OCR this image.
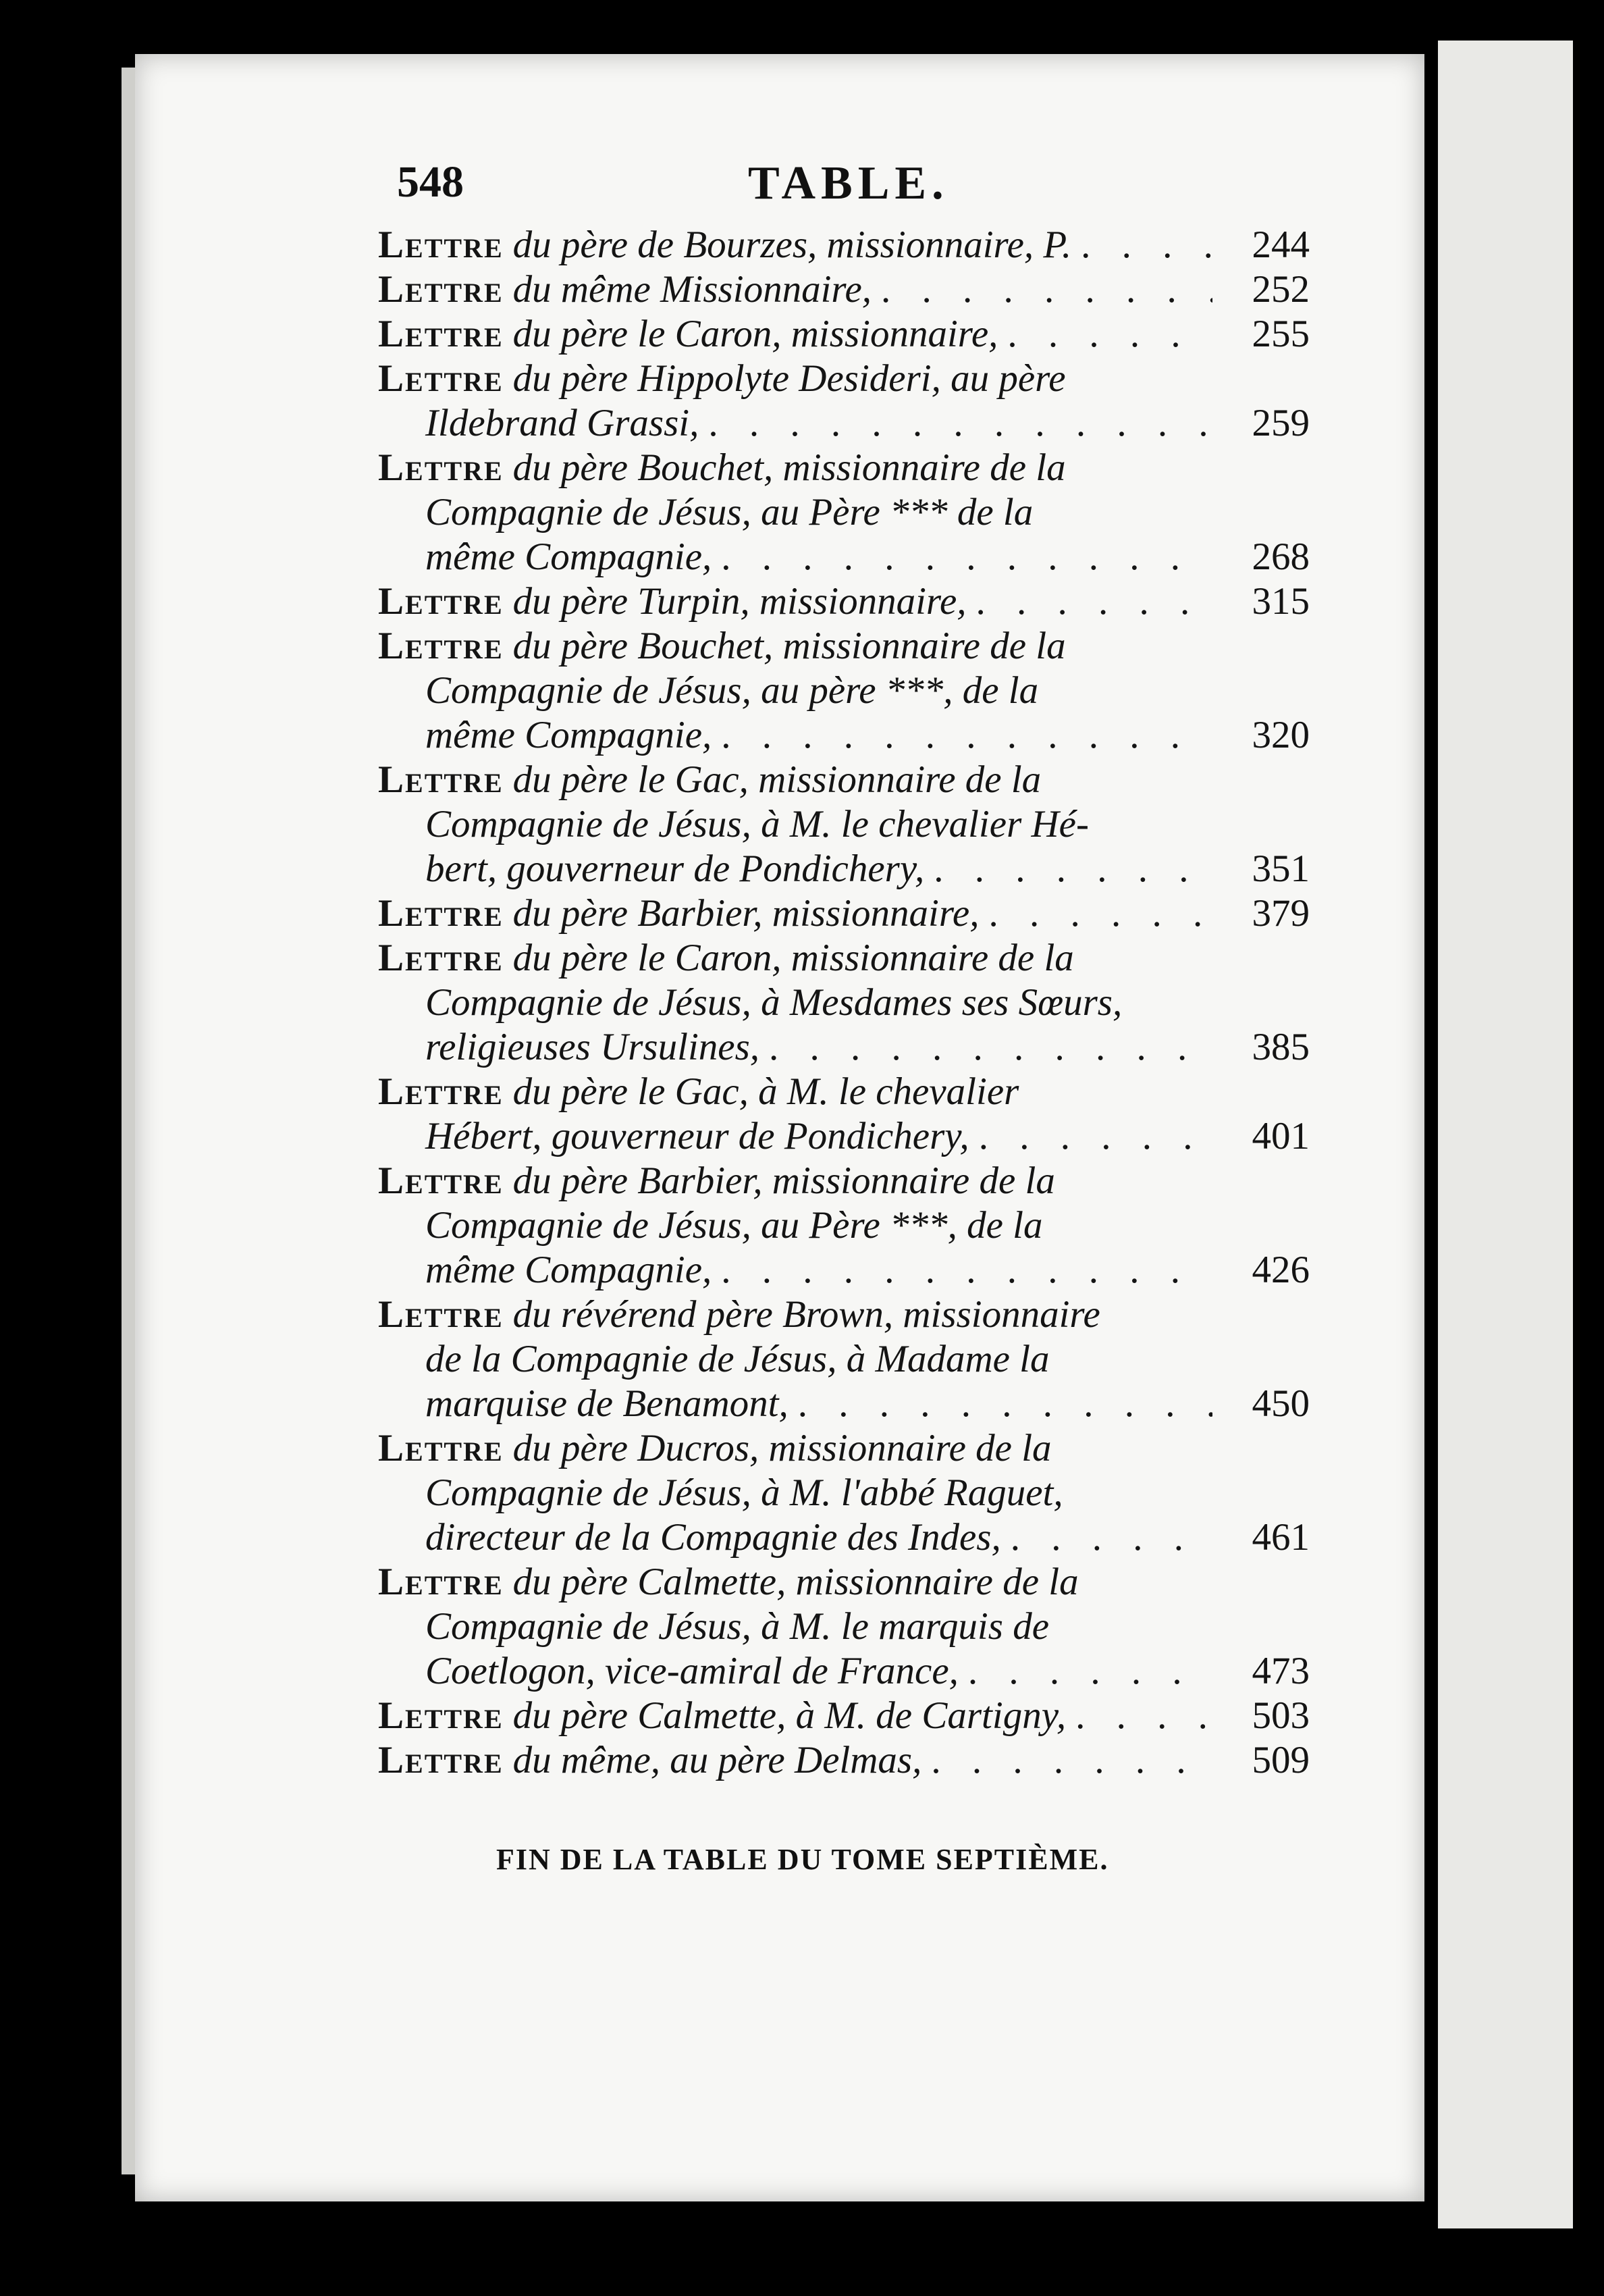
548	TABLE.
Lettre du père de Bourzes, missionnaire, P. . . .	244
Lettre du même Missionnaire, . . .	252
Lettre du père le Caron, missionnaire, . . .	255
Lettre du père Hippolyte Desideri, au père
Ildebrand Grassi, . . .	259
Lettre du père Bouchet, missionnaire de la
Compagnie de Jésus, au Père *** de la
même Compagnie, . . .	268
Lettre du père Turpin, missionnaire, . . .	315
Lettre du père Bouchet, missionnaire de la
Compagnie de Jésus, au père ***, de la
même Compagnie, . . .	320
Lettre du père le Gac, missionnaire de la
Compagnie de Jésus, à M. le chevalier Hé-
bert, gouverneur de Pondichery, . . .	351
Lettre du père Barbier, missionnaire, . . .	379
Lettre du père le Caron, missionnaire de la
Compagnie de Jésus, à Mesdames ses Sœurs,
religieuses Ursulines, . . .	385
Lettre du père le Gac, à M. le chevalier
Hébert, gouverneur de Pondichery, . . .	401
Lettre du père Barbier, missionnaire de la
Compagnie de Jésus, au Père ***, de la
même Compagnie, . . .	426
Lettre du révérend père Brown, missionnaire
de la Compagnie de Jésus, à Madame la
marquise de Benamont, . . .	450
Lettre du père Ducros, missionnaire de la
Compagnie de Jésus, à M. l'abbé Raguet,
directeur de la Compagnie des Indes, . . .	461
Lettre du père Calmette, missionnaire de la
Compagnie de Jésus, à M. le marquis de
Coetlogon, vice-amiral de France, . . .	473
Lettre du père Calmette, à M. de Cartigny, . . .	503
Lettre du même, au père Delmas, . . .	509
FIN DE LA TABLE DU TOME SEPTIÈME.
